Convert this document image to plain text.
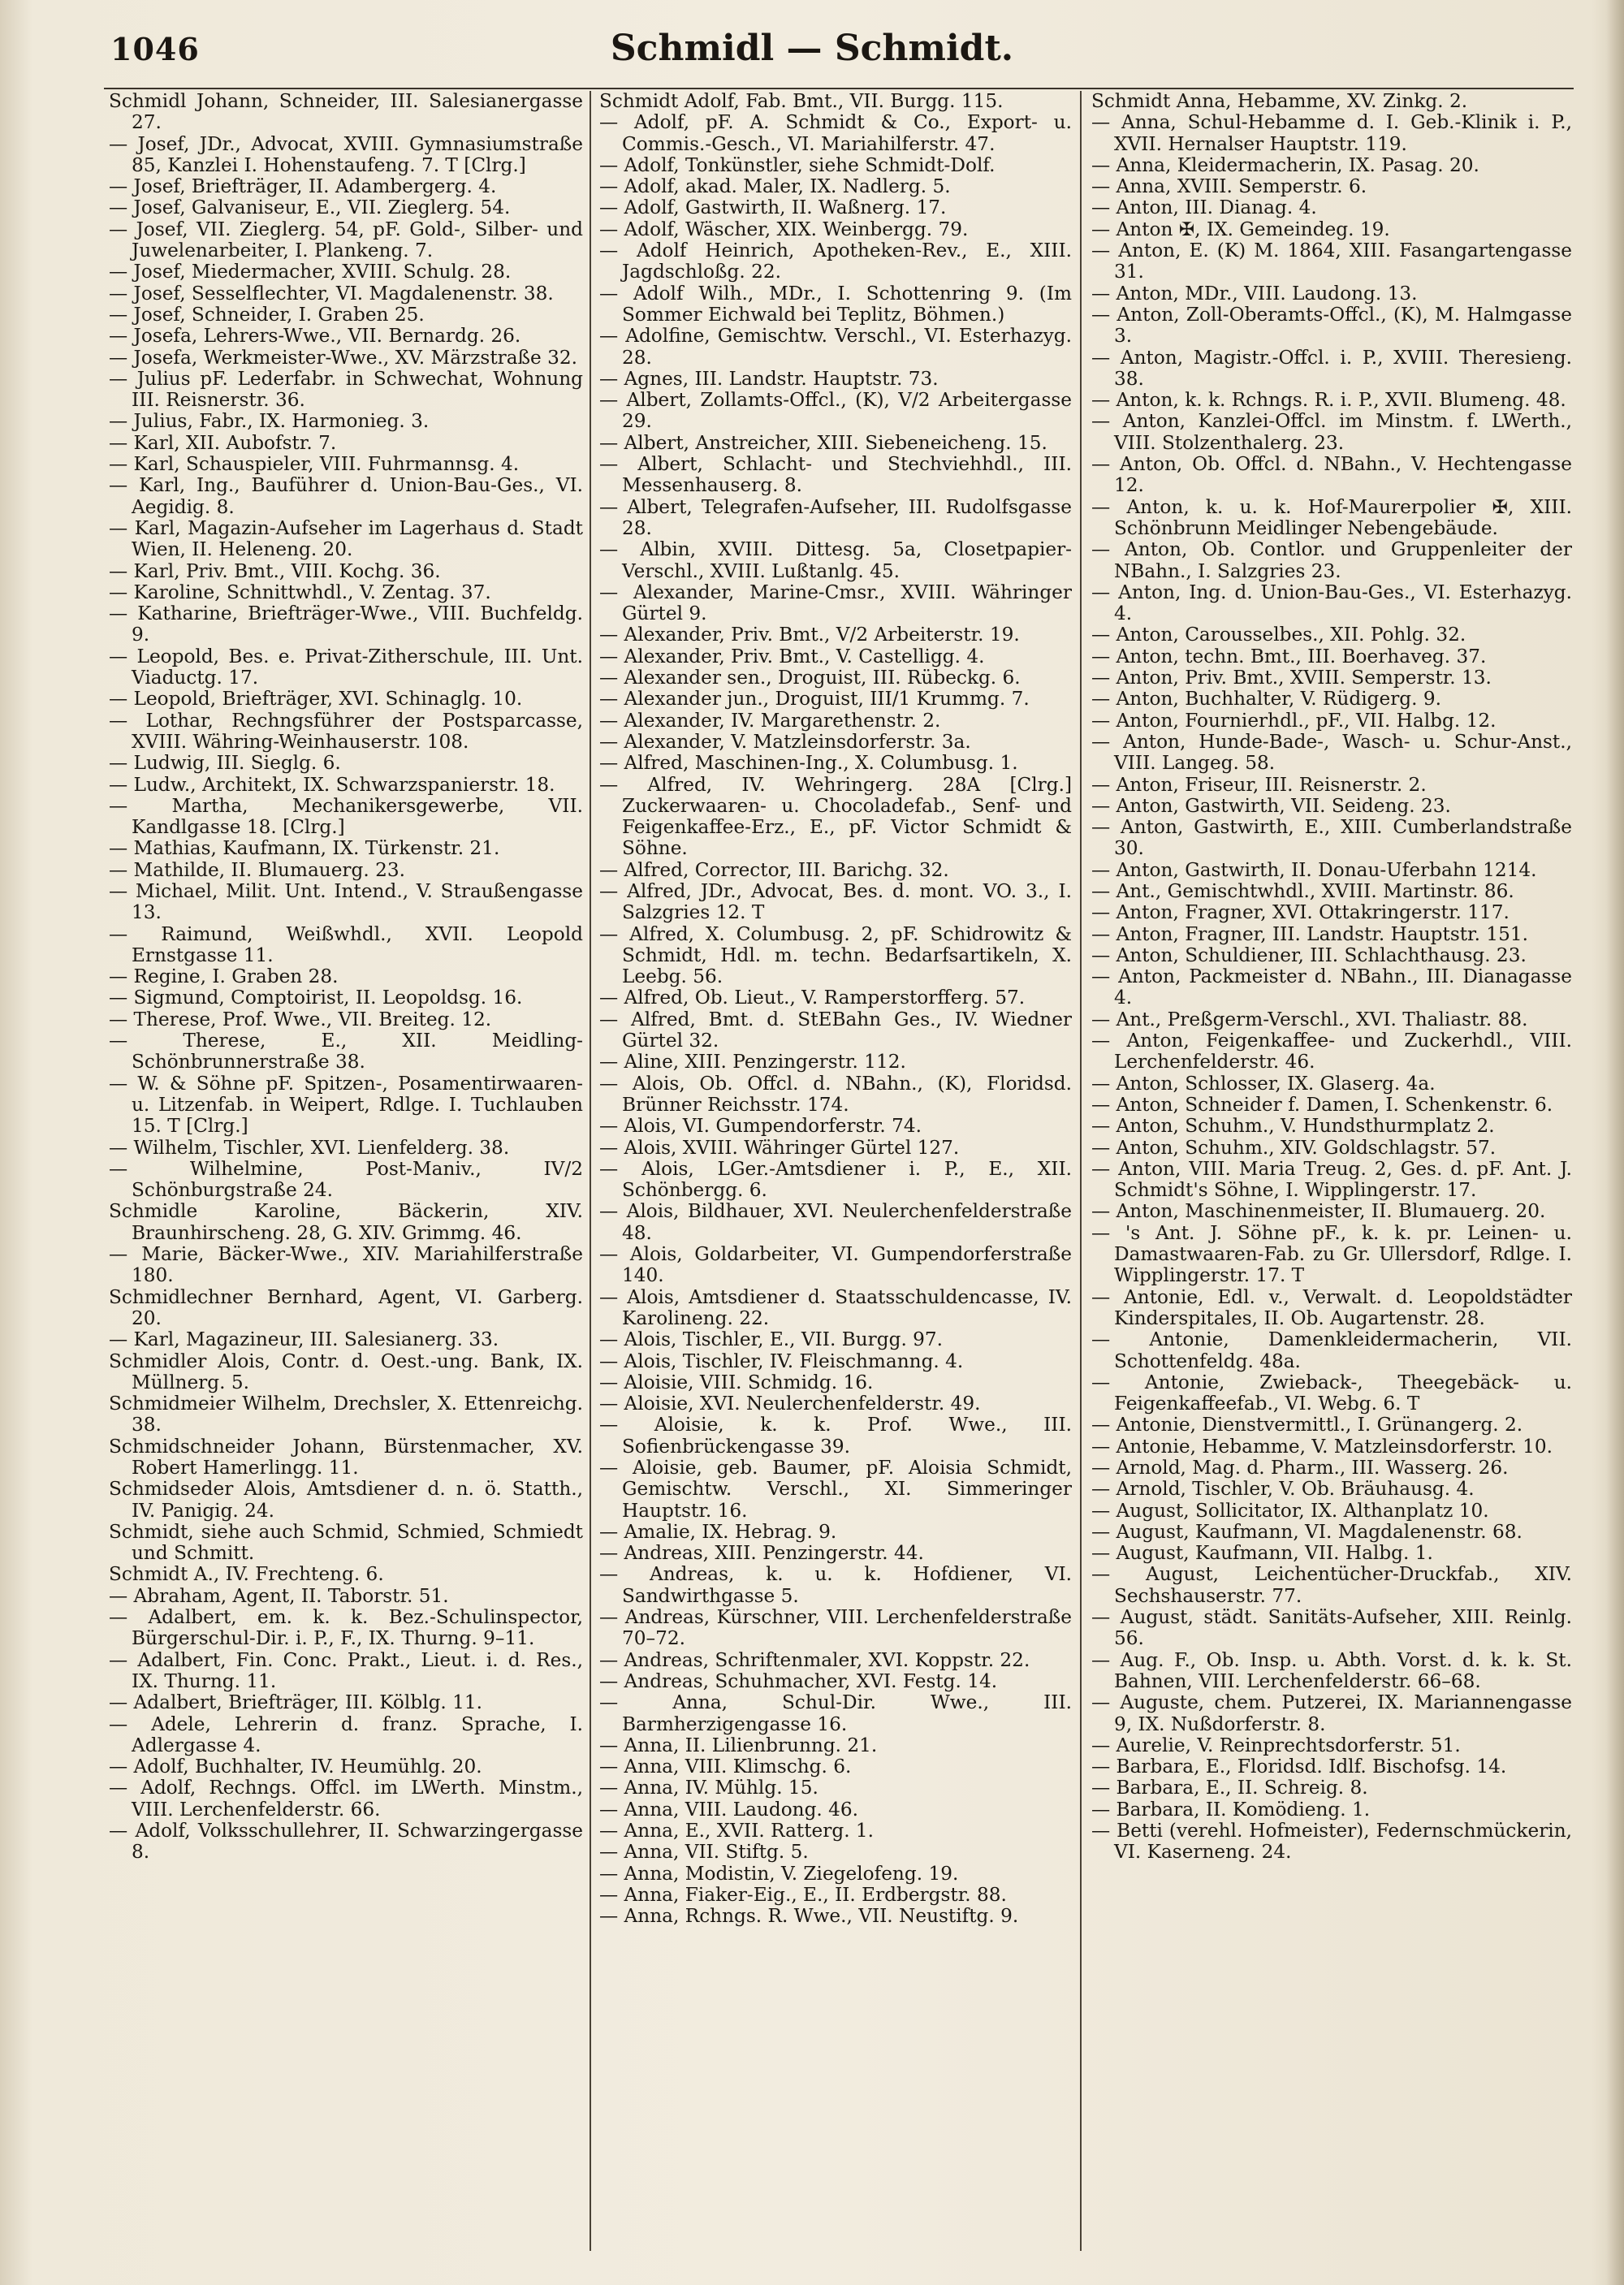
Schmidl — Schmidt.
1046

Schmidl Johann, Schneider, III. Salesianergasse 27.

— Josef, JDr., Advocat, XVIII. Gymnasiumstraße 85, Kanzlei I. Hohenstaufeng. 7. T [Clrg.]

— Josef, Briefträger, II. Adambergerg. 4.

— Josef, Galvaniseur, E., VII. Zieglerg. 54.

— Josef, VII. Zieglerg. 54, pF. Gold-, Silber- und Juwelenarbeiter, I. Plankeng. 7.

— Josef, Miedermacher, XVIII. Schulg. 28.

— Josef, Sesselflechter, VI. Magdalenenstr. 38.

— Josef, Schneider, I. Graben 25.

— Josefa, Lehrers-Wwe., VII. Bernardg. 26.

— Josefa, Werkmeister-Wwe., XV. Märzstraße 32.

— Julius pF. Lederfabr. in Schwechat, Wohnung III. Reisnerstr. 36.

— Julius, Fabr., IX. Harmonieg. 3.

— Karl, XII. Aubofstr. 7.

— Karl, Schauspieler, VIII. Fuhrmannsg. 4.

— Karl, Ing., Bauführer d. Union-Bau-Ges., VI. Aegidig. 8.

— Karl, Magazin-Aufseher im Lagerhaus d. Stadt Wien, II. Heleneng. 20.

— Karl, Priv. Bmt., VIII. Kochg. 36.

— Karoline, Schnittwhdl., V. Zentag. 37.

— Katharine, Briefträger-Wwe., VIII. Buchfeldg. 9.

— Leopold, Bes. e. Privat-Zitherschule, III. Unt. Viaductg. 17.

— Leopold, Briefträger, XVI. Schinaglg. 10.

— Lothar, Rechngsführer der Postsparcasse, XVIII. Währing-Weinhauserstr. 108.

— Ludwig, III. Sieglg. 6.

— Ludw., Architekt, IX. Schwarzspanierstr. 18.

— Martha, Mechanikersgewerbe, VII. Kandlgasse 18. [Clrg.]

— Mathias, Kaufmann, IX. Türkenstr. 21.

— Mathilde, II. Blumauerg. 23.

— Michael, Milit. Unt. Intend., V. Straußengasse 13.

— Raimund, Weißwhdl., XVII. Leopold Ernstgasse 11.

— Regine, I. Graben 28.

— Sigmund, Comptoirist, II. Leopoldsg. 16.

— Therese, Prof. Wwe., VII. Breiteg. 12.

— Therese, E., XII. Meidling-Schönbrunnerstraße 38.

— W. & Söhne pF. Spitzen-, Posamentirwaaren- u. Litzenfab. in Weipert, Rdlge. I. Tuchlauben 15. T [Clrg.]

— Wilhelm, Tischler, XVI. Lienfelderg. 38.

— Wilhelmine, Post-Maniv., IV/2 Schönburgstraße 24.

Schmidle Karoline, Bäckerin, XIV. Braunhirscheng. 28, G. XIV. Grimmg. 46.

— Marie, Bäcker-Wwe., XIV. Mariahilferstraße 180.

Schmidlechner Bernhard, Agent, VI. Garberg. 20.

— Karl, Magazineur, III. Salesianerg. 33.

Schmidler Alois, Contr. d. Oest.-ung. Bank, IX. Müllnerg. 5.

Schmidmeier Wilhelm, Drechsler, X. Ettenreichg. 38.

Schmidschneider Johann, Bürstenmacher, XV. Robert Hamerlingg. 11.

Schmidseder Alois, Amtsdiener d. n. ö. Statth., IV. Panigig. 24.

Schmidt, siehe auch Schmid, Schmied, Schmiedt und Schmitt.

Schmidt A., IV. Frechteng. 6.

— Abraham, Agent, II. Taborstr. 51.

— Adalbert, em. k. k. Bez.-Schulinspector, Bürgerschul-Dir. i. P., F., IX. Thurng. 9–11.

— Adalbert, Fin. Conc. Prakt., Lieut. i. d. Res., IX. Thurng. 11.

— Adalbert, Briefträger, III. Kölblg. 11.

— Adele, Lehrerin d. franz. Sprache, I. Adlergasse 4.

— Adolf, Buchhalter, IV. Heumühlg. 20.

— Adolf, Rechngs. Offcl. im LWerth. Minstm., VIII. Lerchenfelderstr. 66.

— Adolf, Volksschullehrer, II. Schwarzingergasse 8.

Schmidt Adolf, Fab. Bmt., VII. Burgg. 115.

— Adolf, pF. A. Schmidt & Co., Export- u. Commis.-Gesch., VI. Mariahilferstr. 47.

— Adolf, Tonkünstler, siehe Schmidt-Dolf.

— Adolf, akad. Maler, IX. Nadlerg. 5.

— Adolf, Gastwirth, II. Waßnerg. 17.

— Adolf, Wäscher, XIX. Weinbergg. 79.

— Adolf Heinrich, Apotheken-Rev., E., XIII. Jagdschloßg. 22.

— Adolf Wilh., MDr., I. Schottenring 9. (Im Sommer Eichwald bei Teplitz, Böhmen.)

— Adolfine, Gemischtw. Verschl., VI. Esterhazyg. 28.

— Agnes, III. Landstr. Hauptstr. 73.

— Albert, Zollamts-Offcl., (K), V/2 Arbeitergasse 29.

— Albert, Anstreicher, XIII. Siebeneicheng. 15.

— Albert, Schlacht- und Stechviehhdl., III. Messenhauserg. 8.

— Albert, Telegrafen-Aufseher, III. Rudolfsgasse 28.

— Albin, XVIII. Dittesg. 5a, Closetpapier-Verschl., XVIII. Lußtanlg. 45.

— Alexander, Marine-Cmsr., XVIII. Währinger Gürtel 9.

— Alexander, Priv. Bmt., V/2 Arbeiterstr. 19.

— Alexander, Priv. Bmt., V. Castelligg. 4.

— Alexander sen., Droguist, III. Rübeckg. 6.

— Alexander jun., Droguist, III/1 Krummg. 7.

— Alexander, IV. Margarethenstr. 2.

— Alexander, V. Matzleinsdorferstr. 3a.

— Alfred, Maschinen-Ing., X. Columbusg. 1.

— Alfred, IV. Wehringerg. 28A [Clrg.] Zuckerwaaren- u. Chocoladefab., Senf- und Feigenkaffee-Erz., E., pF. Victor Schmidt & Söhne.

— Alfred, Corrector, III. Barichg. 32.

— Alfred, JDr., Advocat, Bes. d. mont. VO. 3., I. Salzgries 12. T

— Alfred, X. Columbusg. 2, pF. Schidrowitz & Schmidt, Hdl. m. techn. Bedarfsartikeln, X. Leebg. 56.

— Alfred, Ob. Lieut., V. Ramperstorfferg. 57.

— Alfred, Bmt. d. StEBahn Ges., IV. Wiedner Gürtel 32.

— Aline, XIII. Penzingerstr. 112.

— Alois, Ob. Offcl. d. NBahn., (K), Floridsd. Brünner Reichsstr. 174.

— Alois, VI. Gumpendorferstr. 74.

— Alois, XVIII. Währinger Gürtel 127.

— Alois, LGer.-Amtsdiener i. P., E., XII. Schönbergg. 6.

— Alois, Bildhauer, XVI. Neulerchenfelderstraße 48.

— Alois, Goldarbeiter, VI. Gumpendorferstraße 140.

— Alois, Amtsdiener d. Staatsschuldencasse, IV. Karolineng. 22.

— Alois, Tischler, E., VII. Burgg. 97.

— Alois, Tischler, IV. Fleischmanng. 4.

— Aloisie, VIII. Schmidg. 16.

— Aloisie, XVI. Neulerchenfelderstr. 49.

— Aloisie, k. k. Prof. Wwe., III. Sofienbrückengasse 39.

— Aloisie, geb. Baumer, pF. Aloisia Schmidt, Gemischtw. Verschl., XI. Simmeringer Hauptstr. 16.

— Amalie, IX. Hebrag. 9.

— Andreas, XIII. Penzingerstr. 44.

— Andreas, k. u. k. Hofdiener, VI. Sandwirthgasse 5.

— Andreas, Kürschner, VIII. Lerchenfelderstraße 70–72.

— Andreas, Schriftenmaler, XVI. Koppstr. 22.

— Andreas, Schuhmacher, XVI. Festg. 14.

— Anna, Schul-Dir. Wwe., III. Barmherzigengasse 16.

— Anna, II. Lilienbrunng. 21.

— Anna, VIII. Klimschg. 6.

— Anna, IV. Mühlg. 15.

— Anna, VIII. Laudong. 46.

— Anna, E., XVII. Ratterg. 1.

— Anna, VII. Stiftg. 5.

— Anna, Modistin, V. Ziegelofeng. 19.

— Anna, Fiaker-Eig., E., II. Erdbergstr. 88.

— Anna, Rchngs. R. Wwe., VII. Neustiftg. 9.

Schmidt Anna, Hebamme, XV. Zinkg. 2.

— Anna, Schul-Hebamme d. I. Geb.-Klinik i. P., XVII. Hernalser Hauptstr. 119.

— Anna, Kleidermacherin, IX. Pasag. 20.

— Anna, XVIII. Semperstr. 6.

— Anton, III. Dianag. 4.

— Anton ✠, IX. Gemeindeg. 19.

— Anton, E. (K) M. 1864, XIII. Fasangartengasse 31.

— Anton, MDr., VIII. Laudong. 13.

— Anton, Zoll-Oberamts-Offcl., (K), M. Halmgasse 3.

— Anton, Magistr.-Offcl. i. P., XVIII. Theresieng. 38.

— Anton, k. k. Rchngs. R. i. P., XVII. Blumeng. 48.

— Anton, Kanzlei-Offcl. im Minstm. f. LWerth., VIII. Stolzenthalerg. 23.

— Anton, Ob. Offcl. d. NBahn., V. Hechtengasse 12.

— Anton, k. u. k. Hof-Maurerpolier ✠, XIII. Schönbrunn Meidlinger Nebengebäude.

— Anton, Ob. Contlor. und Gruppenleiter der NBahn., I. Salzgries 23.

— Anton, Ing. d. Union-Bau-Ges., VI. Esterhazyg. 4.

— Anton, Carousselbes., XII. Pohlg. 32.

— Anton, techn. Bmt., III. Boerhaveg. 37.

— Anton, Priv. Bmt., XVIII. Semperstr. 13.

— Anton, Buchhalter, V. Rüdigerg. 9.

— Anton, Fournierhdl., pF., VII. Halbg. 12.

— Anton, Hunde-Bade-, Wasch- u. Schur-Anst., VIII. Langeg. 58.

— Anton, Friseur, III. Reisnerstr. 2.

— Anton, Gastwirth, VII. Seideng. 23.

— Anton, Gastwirth, E., XIII. Cumberlandstraße 30.

— Anton, Gastwirth, II. Donau-Uferbahn 1214.

— Ant., Gemischtwhdl., XVIII. Martinstr. 86.

— Anton, Fragner, XVI. Ottakringerstr. 117.

— Anton, Fragner, III. Landstr. Hauptstr. 151.

— Anton, Schuldiener, III. Schlachthausg. 23.

— Anton, Packmeister d. NBahn., III. Dianagasse 4.

— Ant., Preßgerm-Verschl., XVI. Thaliastr. 88.

— Anton, Feigenkaffee- und Zuckerhdl., VIII. Lerchenfelderstr. 46.

— Anton, Schlosser, IX. Glaserg. 4a.

— Anton, Schneider f. Damen, I. Schenkenstr. 6.

— Anton, Schuhm., V. Hundsthurmplatz 2.

— Anton, Schuhm., XIV. Goldschlagstr. 57.

— Anton, VIII. Maria Treug. 2, Ges. d. pF. Ant. J. Schmidt's Söhne, I. Wipplingerstr. 17.

— Anton, Maschinenmeister, II. Blumauerg. 20.

— 's Ant. J. Söhne pF., k. k. pr. Leinen- u. Damastwaaren-Fab. zu Gr. Ullersdorf, Rdlge. I. Wipplingerstr. 17. T

— Antonie, Edl. v., Verwalt. d. Leopoldstädter Kinderspitales, II. Ob. Augartenstr. 28.

— Antonie, Damenkleidermacherin, VII. Schottenfeldg. 48a.

— Antonie, Zwieback-, Theegebäck- u. Feigenkaffeefab., VI. Webg. 6. T

— Antonie, Dienstvermittl., I. Grünangerg. 2.

— Antonie, Hebamme, V. Matzleinsdorferstr. 10.

— Arnold, Mag. d. Pharm., III. Wasserg. 26.

— Arnold, Tischler, V. Ob. Bräuhausg. 4.

— August, Sollicitator, IX. Althanplatz 10.

— August, Kaufmann, VI. Magdalenenstr. 68.

— August, Kaufmann, VII. Halbg. 1.

— August, Leichentücher-Druckfab., XIV. Sechshauserstr. 77.

— August, städt. Sanitäts-Aufseher, XIII. Reinlg. 56.

— Aug. F., Ob. Insp. u. Abth. Vorst. d. k. k. St. Bahnen, VIII. Lerchenfelderstr. 66–68.

— Auguste, chem. Putzerei, IX. Mariannengasse 9, IX. Nußdorferstr. 8.

— Aurelie, V. Reinprechtsdorferstr. 51.

— Barbara, E., Floridsd. Idlf. Bischofsg. 14.

— Barbara, E., II. Schreig. 8.

— Barbara, II. Komödieng. 1.

— Betti (verehl. Hofmeister), Federnschmückerin, VI. Kaserneng. 24.
